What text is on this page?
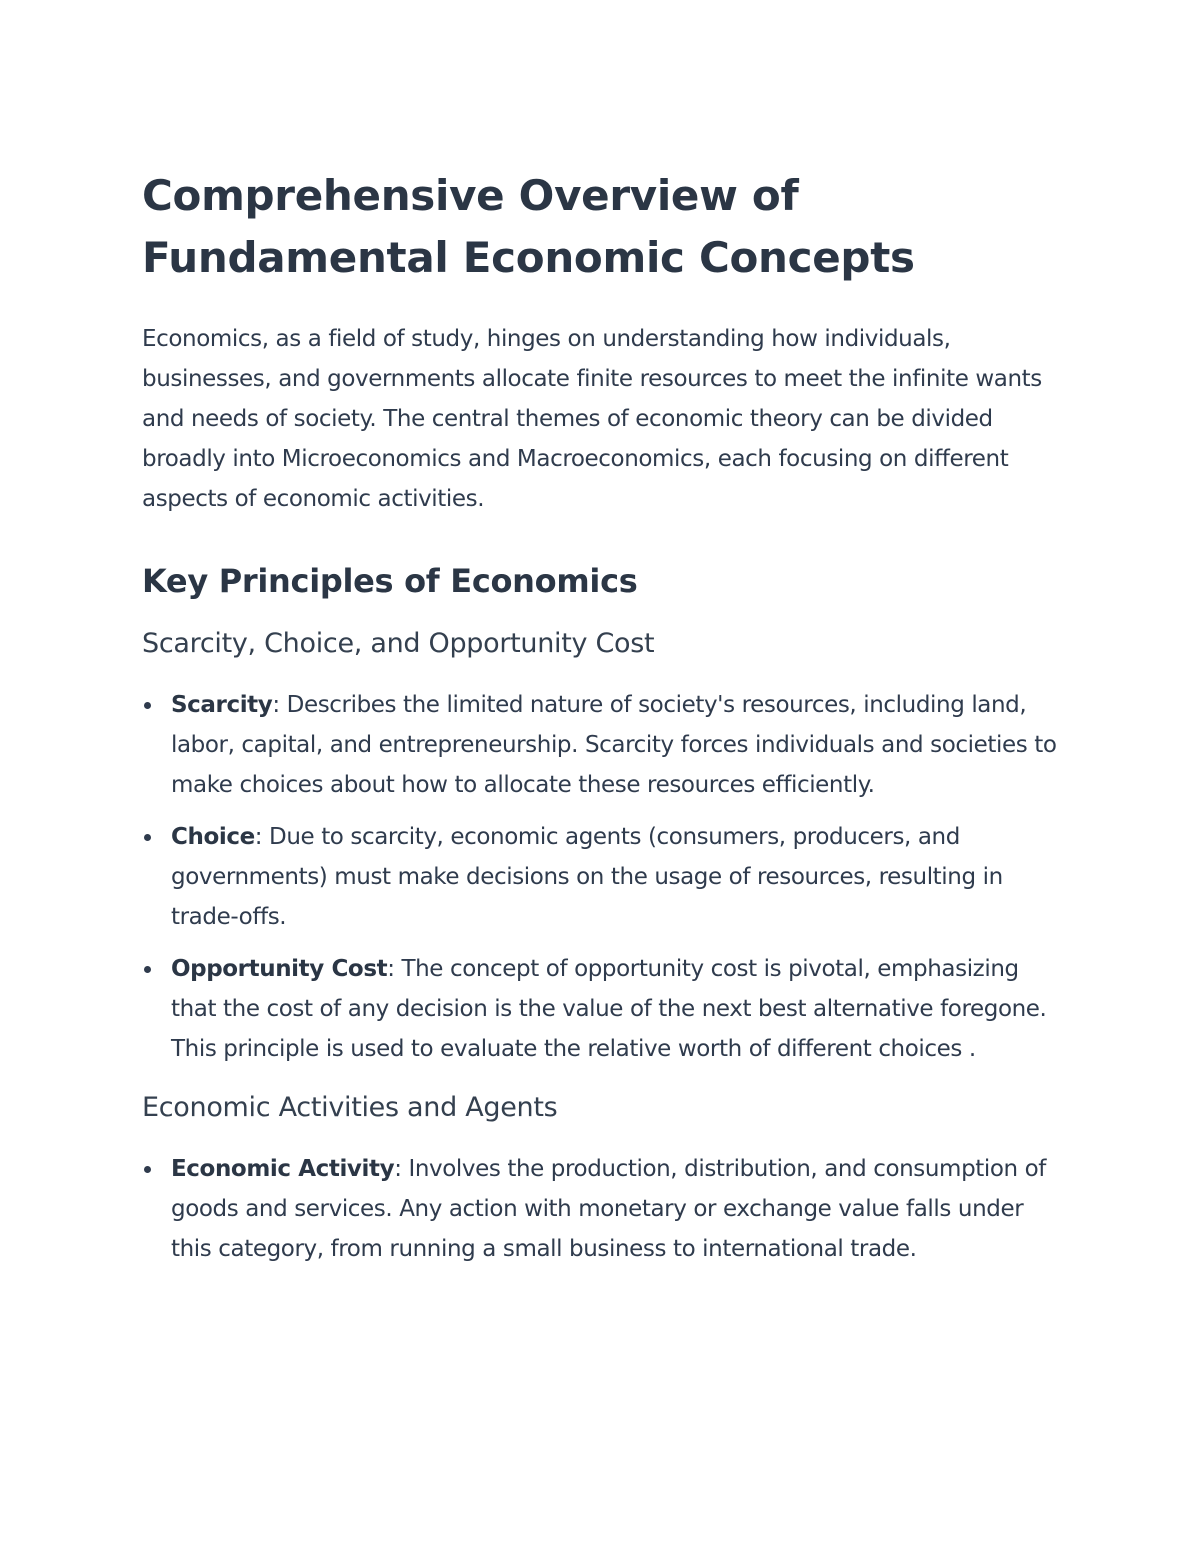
Comprehensive Overview of Fundamental Economic Concepts

Economics, as a field of study, hinges on understanding how individuals, businesses, and governments allocate finite resources to meet the infinite wants and needs of society. The central themes of economic theory can be divided broadly into Microeconomics and Macroeconomics, each focusing on different aspects of economic activities.

Key Principles of Economics
Scarcity, Choice, and Opportunity Cost
Scarcity: Describes the limited nature of society's resources, including land, labor, capital, and entrepreneurship. Scarcity forces individuals and societies to make choices about how to allocate these resources efficiently.
Choice: Due to scarcity, economic agents (consumers, producers, and governments) must make decisions on the usage of resources, resulting in trade-offs.
Opportunity Cost: The concept of opportunity cost is pivotal, emphasizing that the cost of any decision is the value of the next best alternative foregone. This principle is used to evaluate the relative worth of different choices .
Economic Activities and Agents
Economic Activity: Involves the production, distribution, and consumption of goods and services. Any action with monetary or exchange value falls under this category, from running a small business to international trade.
